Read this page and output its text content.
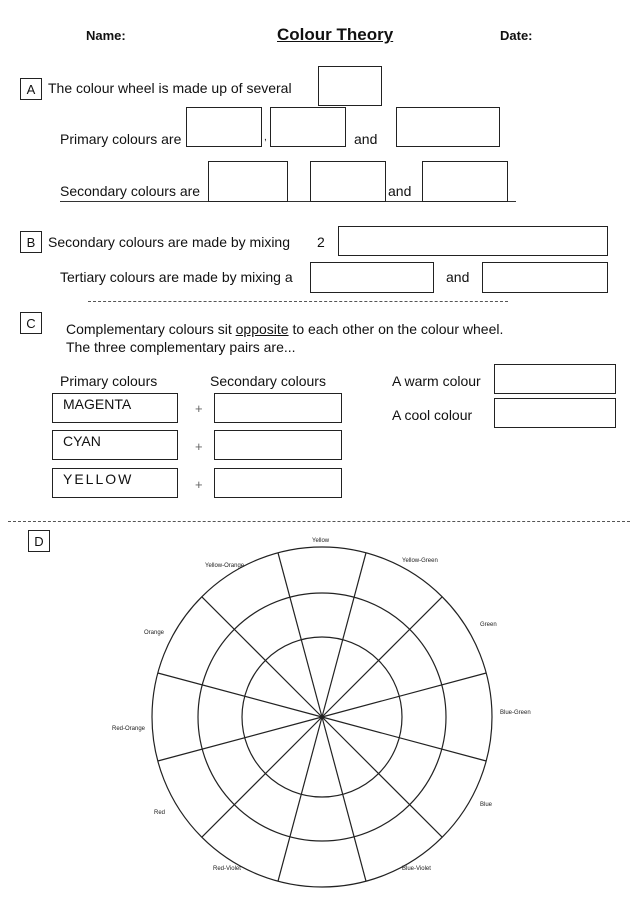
Name:	Colour Theory	Date:
A The colour wheel is made up of several
Primary colours are	,	and
Secondary colours are	and
B Secondary colours are made by mixing 2
Tertiary colours are made by mixing a	and
C	Complementary colours sit opposite to each other on the colour wheel.
The three complementary pairs are...
Primary colours	Secondary colours
MAGENTA	+
CYAN	+
YELLOW	+
A warm colour
A cool colour
D	Yellow
Yellow-Green
Green
Blue-Green
Blue
Blue-Violet
Red-Violet
Red
Red-Orange
Orange
Yellow-Orange
